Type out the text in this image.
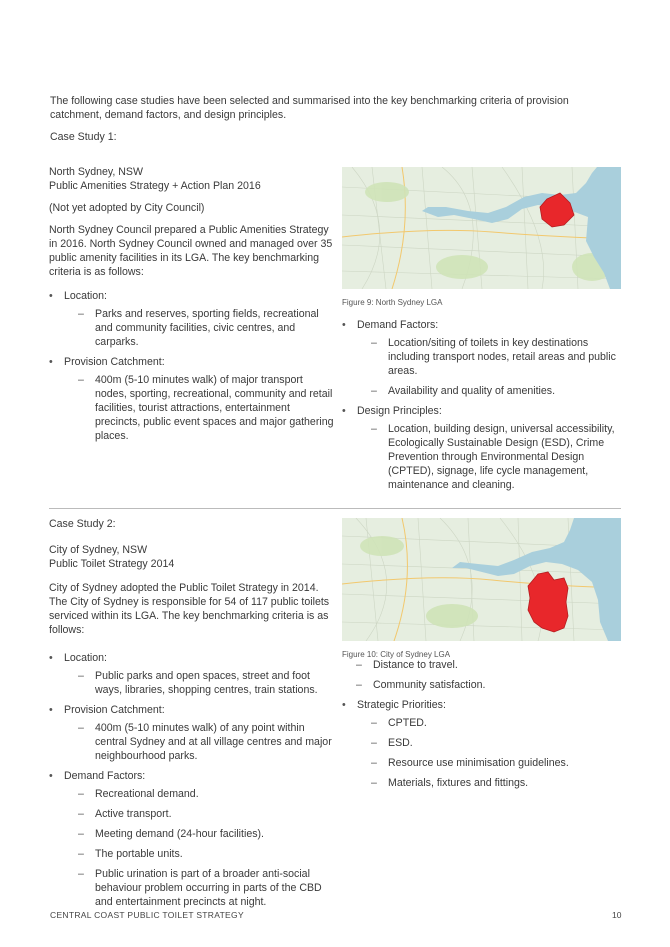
The following case studies have been selected and summarised into the key benchmarking criteria of provision catchment, demand factors, and design principles.
Case Study 1:

North Sydney, NSW

Public Amenities Strategy + Action Plan 2016

(Not yet adopted by City Council)

North Sydney Council prepared a Public Amenities Strategy in 2016. North Sydney Council owned and managed over 35 public amenity facilities in its LGA. The key benchmarking criteria is as follows:

• Location:
– Parks and reserves, sporting fields, recreational and community facilities, civic centres, and carparks.
• Provision Catchment:
– 400m (5-10 minutes walk) of major transport nodes, sporting, recreational, community and retail facilities, tourist attractions, entertainment precincts, public event spaces and major gathering places.
Figure 9: North Sydney LGA
• Demand Factors:
– Location/siting of toilets in key destinations including transport nodes, retail areas and public areas.
– Availability and quality of amenities.
• Design Principles:
– Location, building design, universal accessibility, Ecologically Sustainable Design (ESD), Crime Prevention through Environmental Design (CPTED), signage, life cycle management, maintenance and cleaning.

Case Study 2:

City of Sydney, NSW

Public Toilet Strategy 2014

City of Sydney adopted the Public Toilet Strategy in 2014. The City of Sydney is responsible for 54 of 117 public toilets serviced within its LGA. The key benchmarking criteria is as follows:

• Location:
– Public parks and open spaces, street and foot ways, libraries, shopping centres, train stations.
• Provision Catchment:
– 400m (5-10 minutes walk) of any point within central Sydney and at all village centres and major neighbourhood parks.
• Demand Factors:
– Recreational demand.
– Active transport.
– Meeting demand (24-hour facilities).
– The portable units.
– Public urination is part of a broader anti-social behaviour problem occurring in parts of the CBD and entertainment precincts at night.
Figure 10: City of Sydney LGA
– Distance to travel.
– Community satisfaction.
• Strategic Priorities:
– CPTED.
– ESD.
– Resource use minimisation guidelines.
– Materials, fixtures and fittings.
CENTRAL COAST PUBLIC TOILET STRATEGY	10
